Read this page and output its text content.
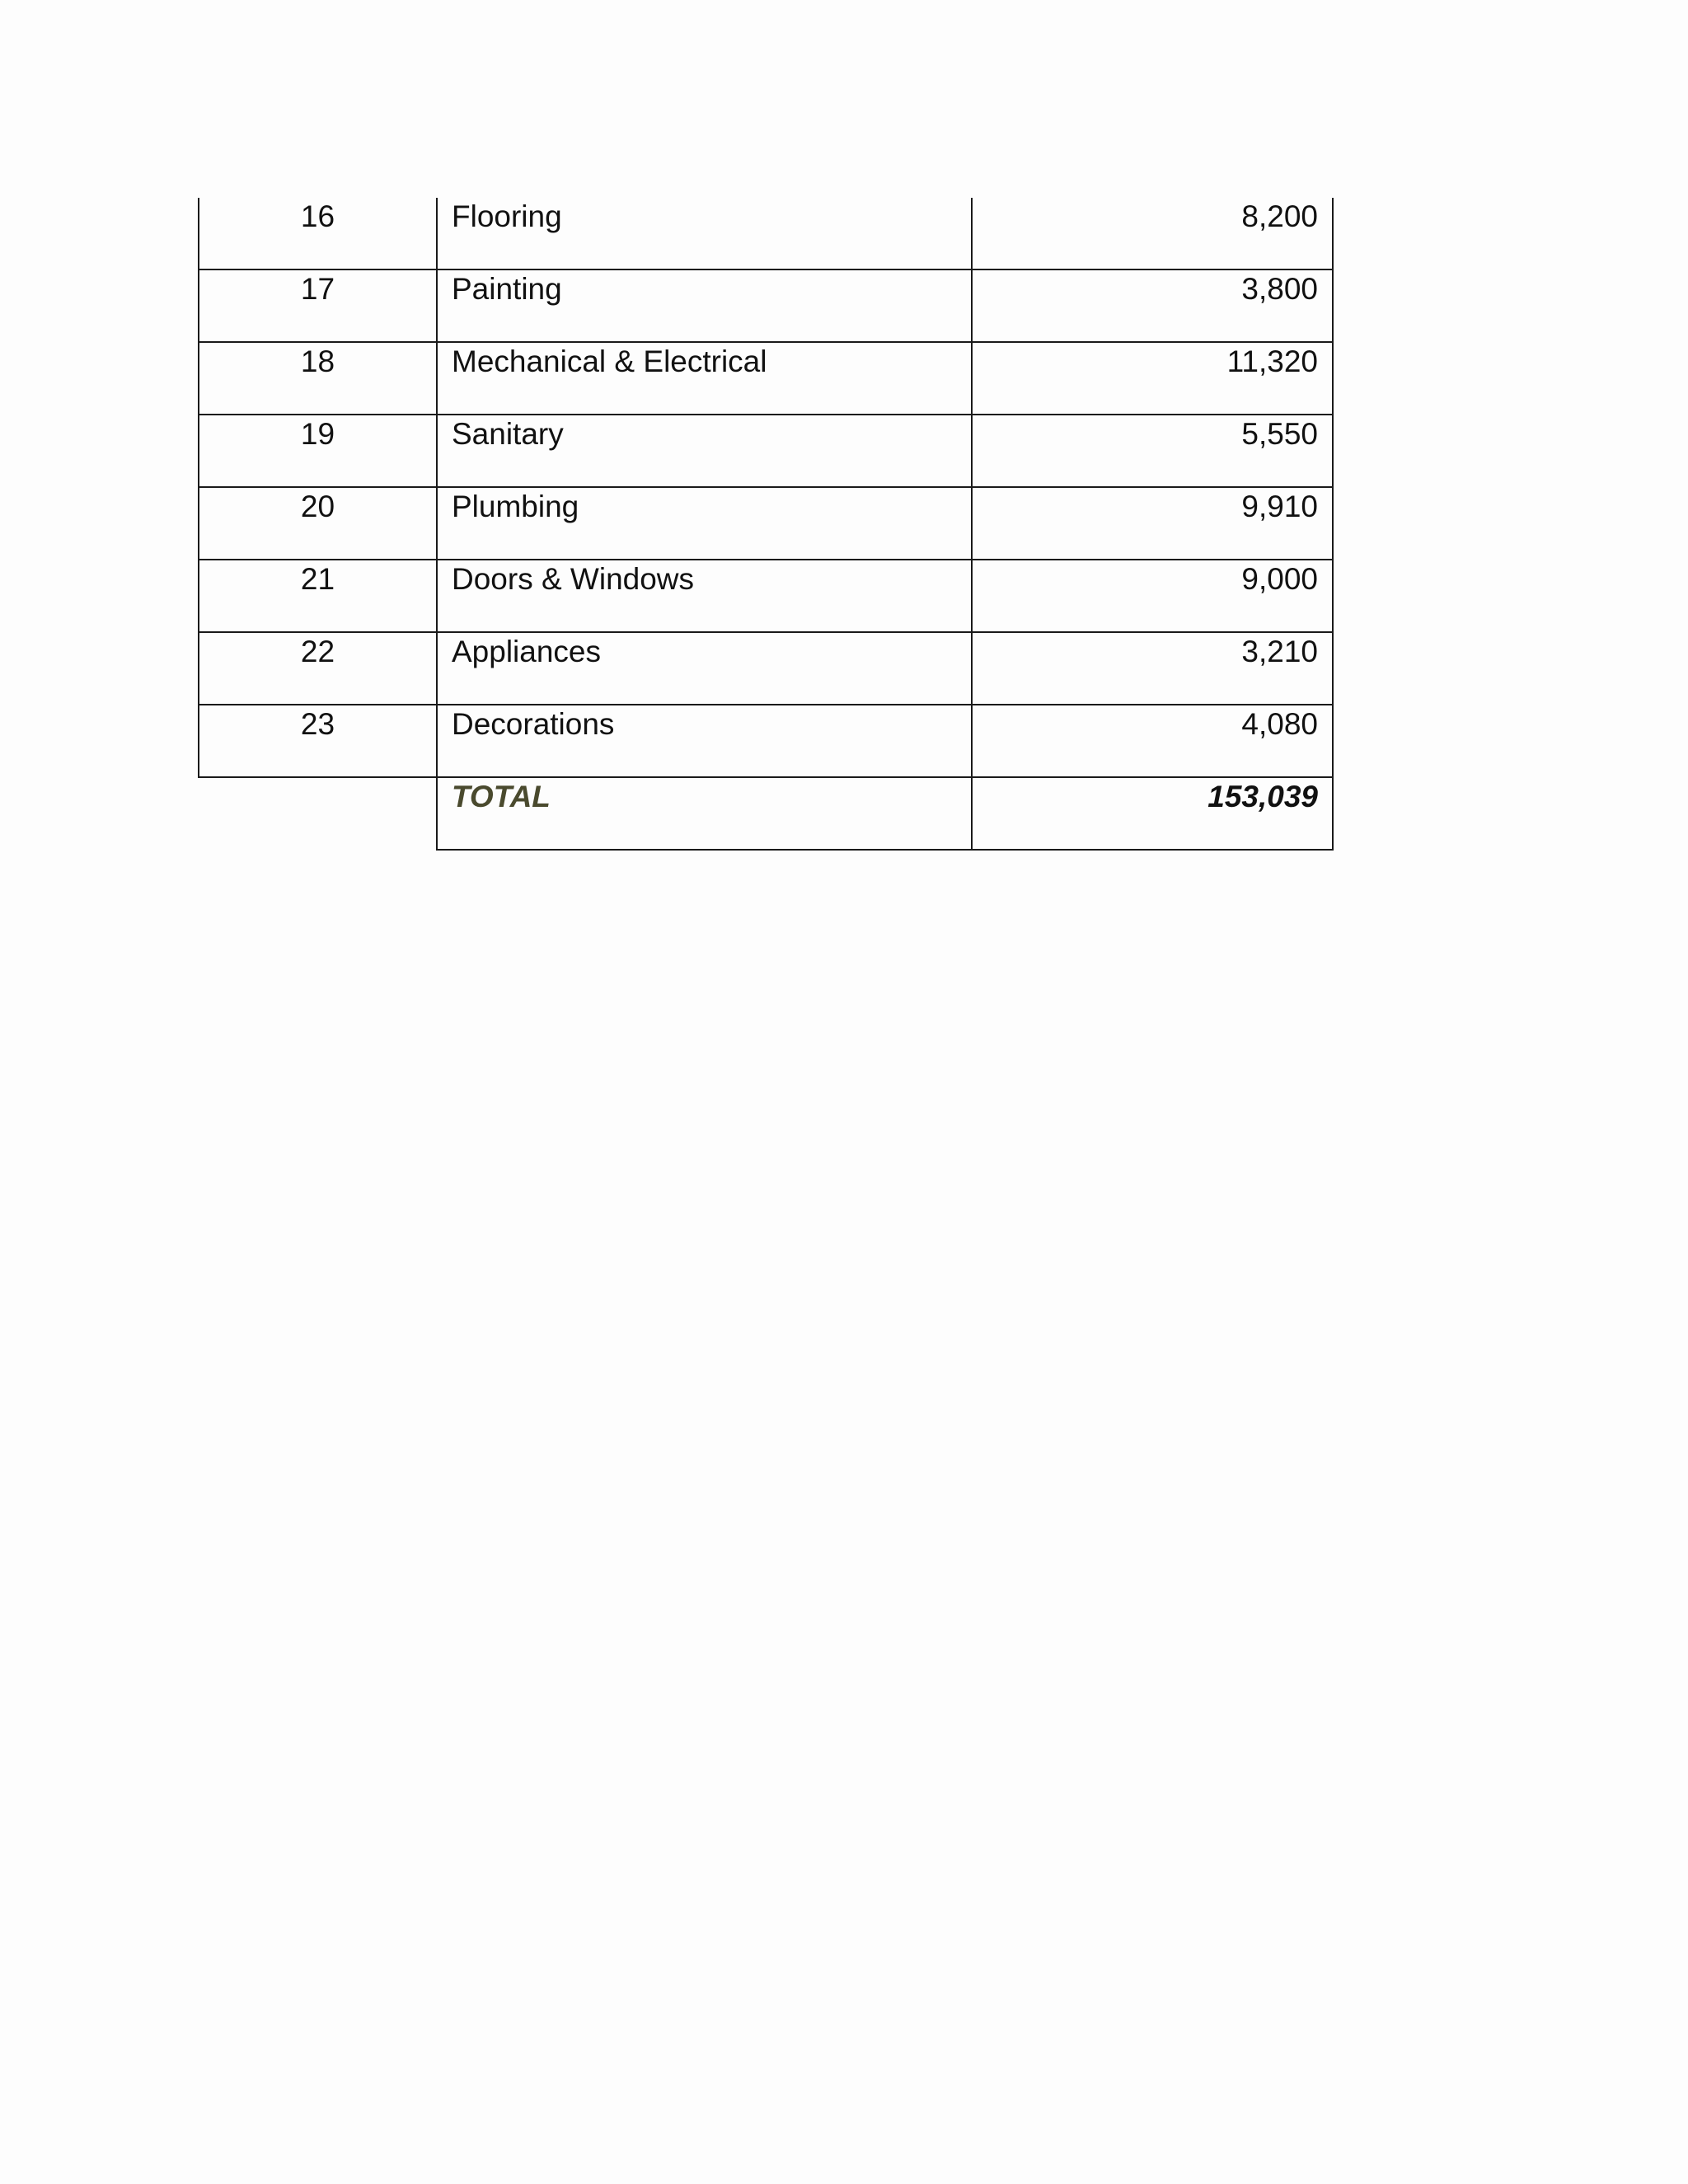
16	Flooring	8,200
17	Painting	3,800
18	Mechanical & Electrical	11,320
19	Sanitary	5,550
20	Plumbing	9,910
21	Doors & Windows	9,000
22	Appliances	3,210
23	Decorations	4,080
	TOTAL	153,039
